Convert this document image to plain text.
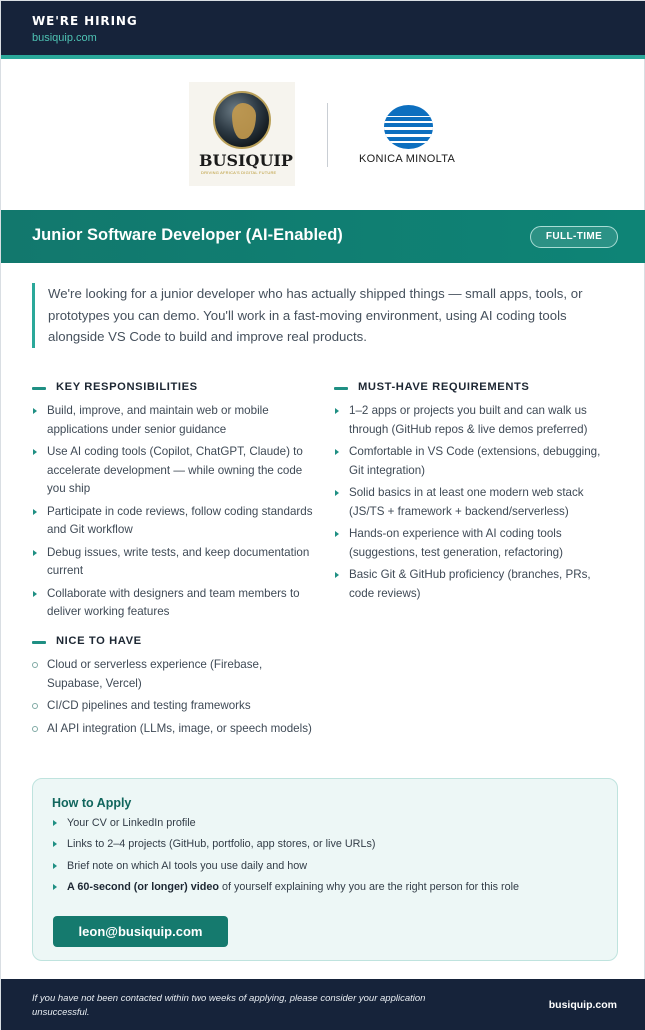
WE'RE HIRING
busiquip.com
BUSIQUIP
DRIVING AFRICA'S DIGITAL FUTURE
KONICA MINOLTA
Junior Software Developer (AI-Enabled)	FULL-TIME

We're looking for a junior developer who has actually shipped things — small apps, tools, or prototypes you can demo. You'll work in a fast-moving environment, using AI coding tools alongside VS Code to build and improve real products.

KEY RESPONSIBILITIES
Build, improve, and maintain web or mobile applications under senior guidance
Use AI coding tools (Copilot, ChatGPT, Claude) to accelerate development — while owning the code you ship
Participate in code reviews, follow coding standards and Git workflow
Debug issues, write tests, and keep documentation current
Collaborate with designers and team members to deliver working features
MUST-HAVE REQUIREMENTS
1–2 apps or projects you built and can walk us through (GitHub repos & live demos preferred)
Comfortable in VS Code (extensions, debugging, Git integration)
Solid basics in at least one modern web stack (JS/TS + framework + backend/serverless)
Hands-on experience with AI coding tools (suggestions, test generation, refactoring)
Basic Git & GitHub proficiency (branches, PRs, code reviews)
NICE TO HAVE
Cloud or serverless experience (Firebase, Supabase, Vercel)
CI/CD pipelines and testing frameworks
AI API integration (LLMs, image, or speech models)
How to Apply
Your CV or LinkedIn profile
Links to 2–4 projects (GitHub, portfolio, app stores, or live URLs)
Brief note on which AI tools you use daily and how
A 60-second (or longer) video of yourself explaining why you are the right person for this role
leon@busiquip.com
If you have not been contacted within two weeks of applying, please consider your application unsuccessful.
busiquip.com
